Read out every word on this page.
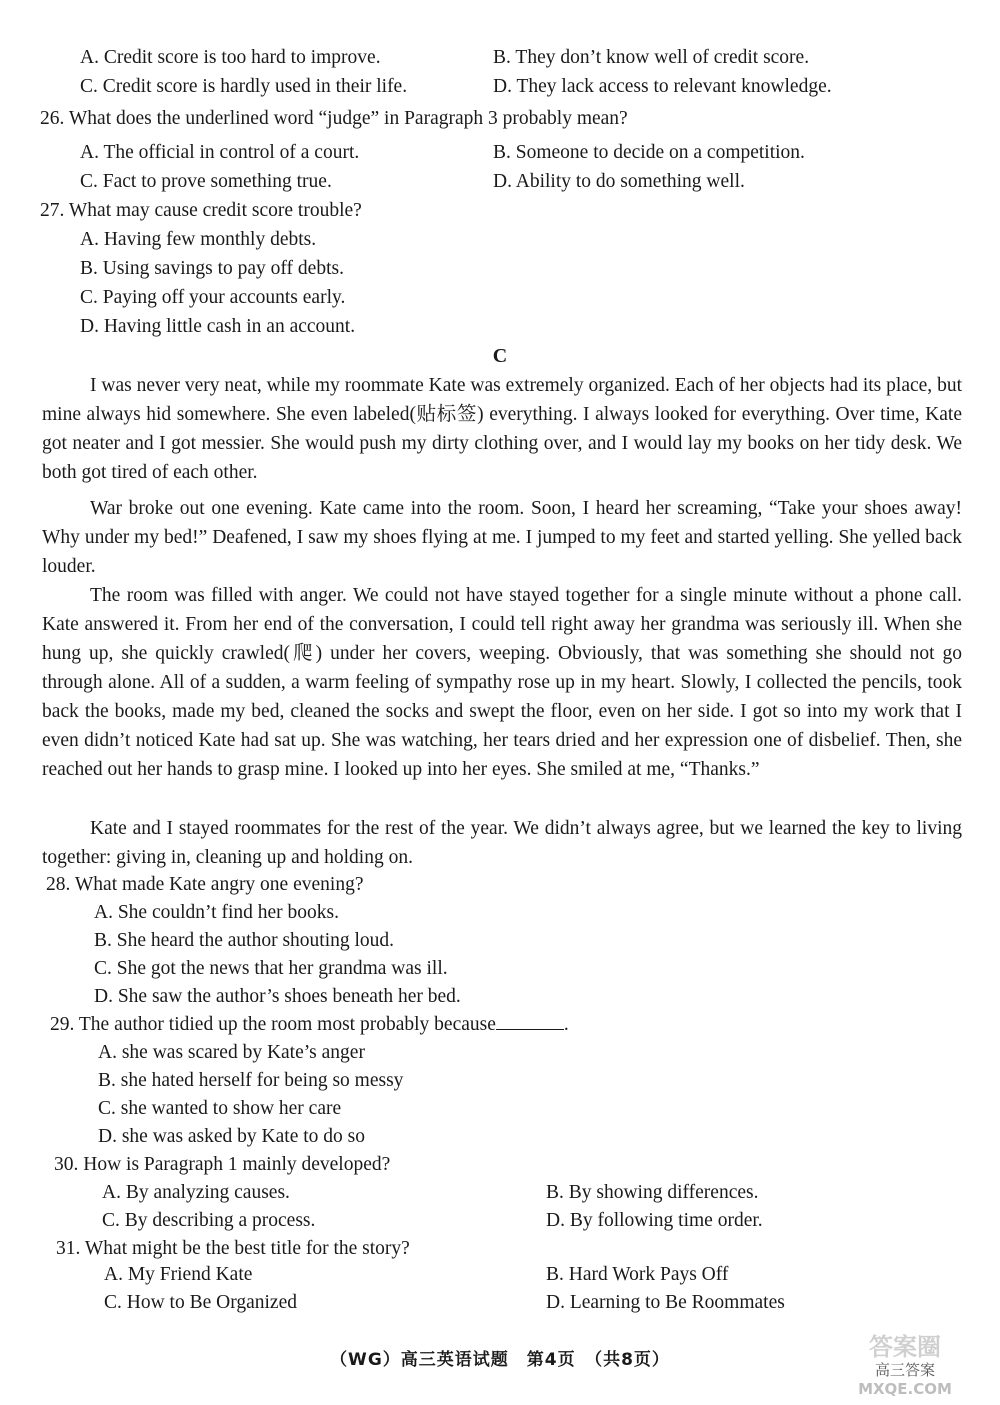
A. Credit score is too hard to improve.	B. They don’t know well of credit score.
C. Credit score is hardly used in their life.	D. They lack access to relevant knowledge.
26. What does the underlined word “judge” in Paragraph 3 probably mean?
A. The official in control of a court.	B. Someone to decide on a competition.
C. Fact to prove something true.	D. Ability to do something well.
27. What may cause credit score trouble?
A. Having few monthly debts.
B. Using savings to pay off debts.
C. Paying off your accounts early.
D. Having little cash in an account.
C
I was never very neat, while my roommate Kate was extremely organized. Each of her objects had its place, but mine always hid somewhere. She even labeled(贴标签) everything. I always looked for everything. Over time, Kate got neater and I got messier. She would push my dirty clothing over, and I would lay my books on her tidy desk. We both got tired of each other.
War broke out one evening. Kate came into the room. Soon, I heard her screaming, “Take your shoes away! Why under my bed!” Deafened, I saw my shoes flying at me. I jumped to my feet and started yelling. She yelled back louder.
The room was filled with anger. We could not have stayed together for a single minute without a phone call. Kate answered it. From her end of the conversation, I could tell right away her grandma was seriously ill. When she hung up, she quickly crawled(爬) under her covers, weeping. Obviously, that was something she should not go through alone. All of a sudden, a warm feeling of sympathy rose up in my heart. Slowly, I collected the pencils, took back the books, made my bed, cleaned the socks and swept the floor, even on her side. I got so into my work that I even didn’t noticed Kate had sat up. She was watching, her tears dried and her expression one of disbelief. Then, she reached out her hands to grasp mine. I looked up into her eyes. She smiled at me, “Thanks.”
Kate and I stayed roommates for the rest of the year. We didn’t always agree, but we learned the key to living together: giving in, cleaning up and holding on.
28. What made Kate angry one evening?
A. She couldn’t find her books.
B. She heard the author shouting loud.
C. She got the news that her grandma was ill.
D. She saw the author’s shoes beneath her bed.
29. The author tidied up the room most probably because	.
A. she was scared by Kate’s anger
B. she hated herself for being so messy
C. she wanted to show her care
D. she was asked by Kate to do so
30. How is Paragraph 1 mainly developed?
A. By analyzing causes.	B. By showing differences.
C. By describing a process.	D. By following time order.
31. What might be the best title for the story?
A. My Friend Kate	B. Hard Work Pays Off
C. How to Be Organized	D. Learning to Be Roommates
（WG）高三英语试题　第4页　（共8页）	答案圈
高三答案
MXQE.COM
